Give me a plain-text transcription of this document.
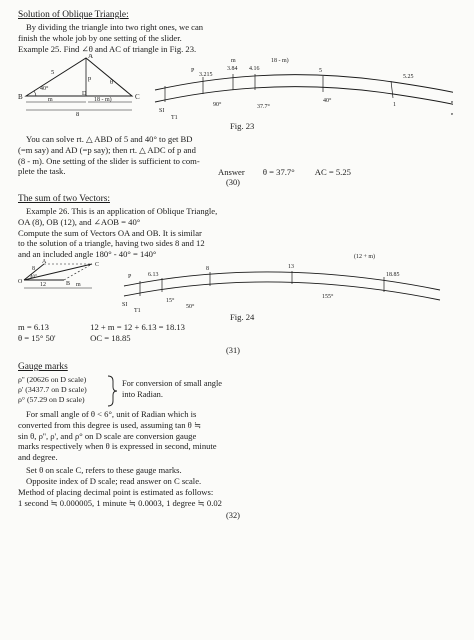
Solution of Oblique Triangle:

By dividing the triangle into two right ones, we can
finish the whole job by one setting of the slider.

Example 25. Find ∠θ and AC of triangle in Fig. 23.

A
B	C
D
p
5
40°
θ
m	18 - m)
8
P
3.215
3.84 4.16
m	18 - m)
5
5.25
SI
T1
90°
40°
37.7°	1
Fig. 23

You can solve rt. △ ABD of 5 and 40° to get BD
(=m say) and AD (=p say); then rt. △ ADC of p and
(8 - m). One setting of the slider is sufficient to com-
plete the task.	Answer θ = 37.7° AC = 5.25
(30)
The sum of two Vectors:

Example 26. This is an application of Oblique Triangle,
OA (8), OB (12), and ∠AOB = 40°
Compute the sum of Vectors OA and OB. It is similar
to the solution of a triangle, having two sides 8 and 12
and an included angle 180° - 40° = 140°

A	C
O	B
8
12	m
40°	P	6.13
8	13
(12 + m)
18.85
SI
T1
15°
50°
155°
Fig. 24
m = 6.13	12 + m = 12 + 6.13 = 18.13
θ = 15° 50'	OC = 18.85
(31)
Gauge marks
ρ'' (20626 on D scale)
ρ' (3437.7 on D scale)
ρ° (57.29 on D scale)
For conversion of small angle
into Radian.

For small angle of θ < 6°, unit of Radian which is
converted from this degree is used, assuming tan θ ≒
sin θ, ρ'', ρ', and ρ° on D scale are conversion gauge
marks respectively when θ is expressed in second, minute
and degree.

Set θ on scale C, refers to these gauge marks.

Opposite index of D scale; read answer on C scale.

Method of placing decimal point is estimated as follows:

1 second ≒ 0.000005, 1 minute ≒ 0.0003, 1 degree ≒ 0.02

(32)
